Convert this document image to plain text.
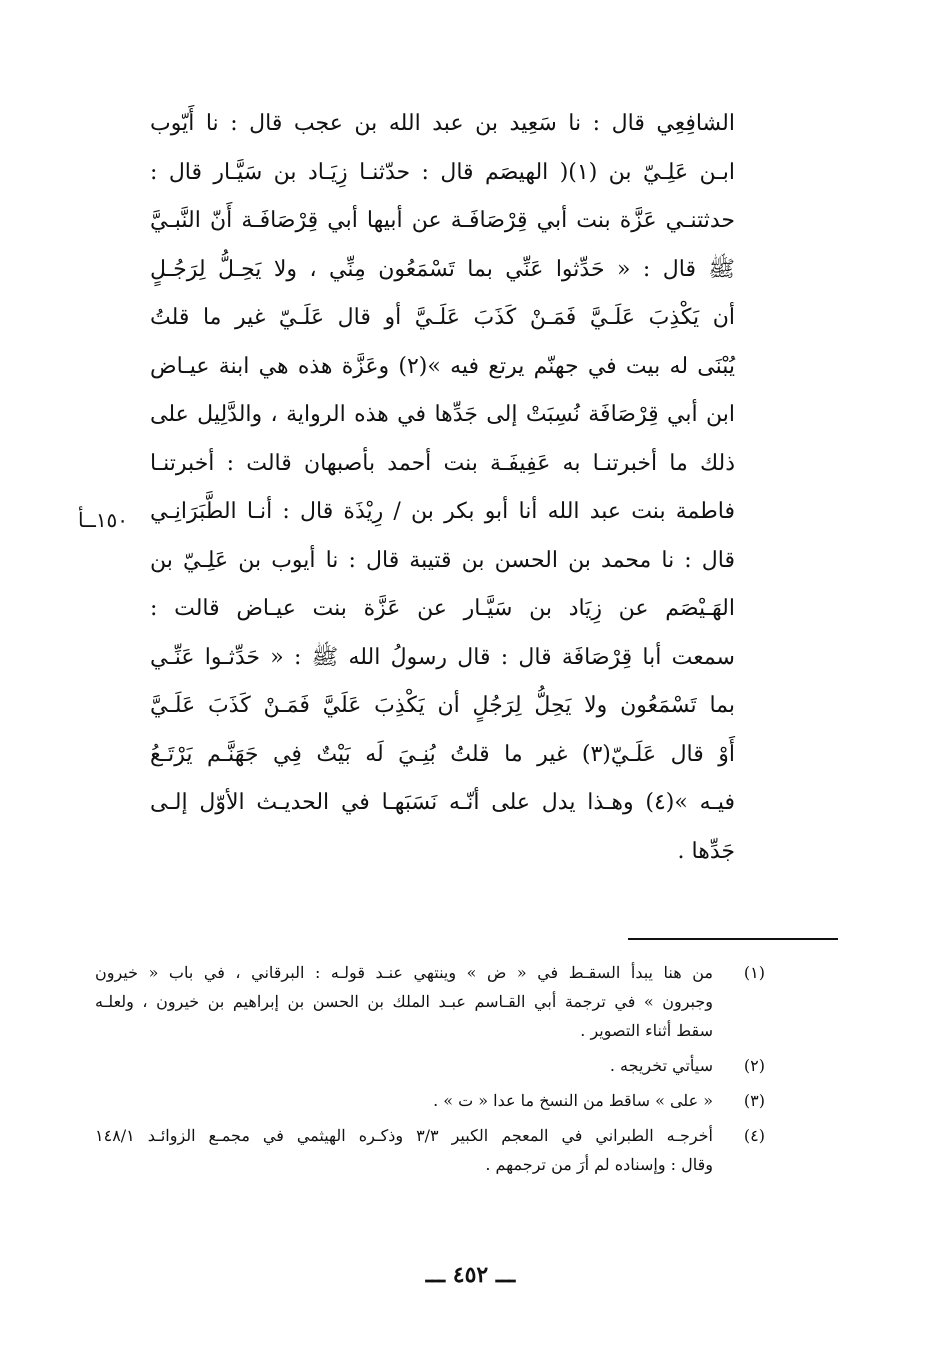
الشافِعِي قال : نا سَعِيد بن عبد الله بن عجب قال : نا أَيّوب
ابـن عَلِـيّ بن (١)( الهيصَم قال : حدّثنـا زِيَـاد بن سَيَّـار قال :
حدثتنـي عَزَّة بنت أبي قِرْصَافَـة عن أبيها أبي قِرْصَافَـة أَنّ النَّبـيَّ
ﷺ قال : « حَدِّثوا عَنِّي بما تَسْمَعُون مِنِّي ، ولا يَحِـلُّ لِرَجُـلٍ
أن يَكْذِبَ عَلَـيَّ فَمَـنْ كَذَبَ عَلَـيَّ أو قال عَلَـيّ غير ما قلتُ
يُبْنَى له بيت في جهنّم يرتع فيه »(٢) وعَزَّة هذه هي ابنة عيـاض
ابن أبي قِرْصَافَة نُسِبَتْ إلى جَدِّها في هذه الرواية ، والدَّلِيل على
ذلك ما أخبرتنـا به عَفِيفَـة بنت أحمد بأصبهان قالت : أخبرتنـا
فاطمة بنت عبد الله أنا أبو بكر بن / رِيْذَة قال : أنـا الطَّبَرَانِـي
قال : نا محمد بن الحسن بن قتيبة قال : نا أيوب بن عَلِـيّ بن
الهَـيْصَم عن زِيَاد بن سَيَّـار عن عَزَّة بنت عيـاض قالت :
سمعت أبا قِرْصَافَة قال : قال رسولُ الله ﷺ : « حَدِّثـوا عَنِّـي
بما تَسْمَعُون ولا يَحِلُّ لِرَجُلٍ أن يَكْذِبَ عَلَيَّ فَمَـنْ كَذَبَ عَلَـيَّ
أَوْ قال عَلَـيّ(٣) غير ما قلتُ بُنِـيَ لَه بَيْتٌ فِي جَهَنَّـم يَرْتَـعُ
فيـه »(٤) وهـذا يدل على أنّـه نَسَبَهـا في الحديـث الأوّل إلـى
جَدِّها .
١٥٠ــأ
(١)
من هنا يبدأ السقـط في « ض » وينتهي عنـد قولـه : البرقاني ، في باب « خيرون
وجبرون » في ترجمة أبي القـاسم عبـد الملك بن الحسن بن إبراهيم بن خيرون ، ولعلـه
سقط أثناء التصوير .
(٢)
سيأتي تخريجه .
(٣)
« على » ساقط من النسخ ما عدا « ت » .
(٤)
أخرجـه الطبراني في المعجم الكبير ٣/٣ وذكـره الهيثمي في مجمـع الزوائـد ١٤٨/١
وقال : وإسناده لم أرَ من ترجمهم .
ـــ ٤٥٢ ـــ
